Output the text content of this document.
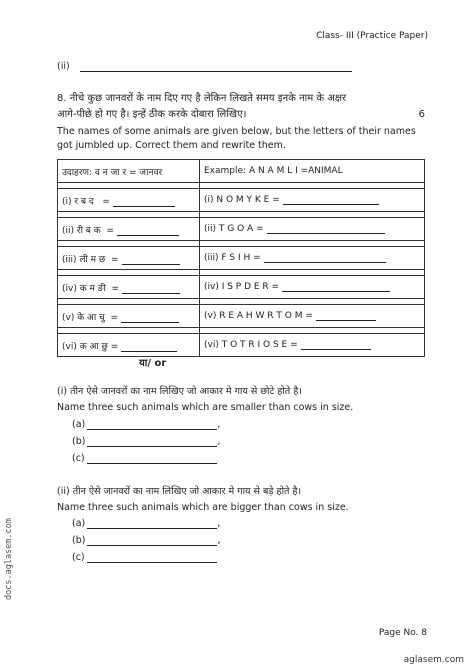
Class- III (Practice Paper)
(ii)
8. नीचे कुछ जानवरों के नाम दिए गए है लेकिन लिखते समय इनके नाम के अक्षर
आगे-पीछे हो गए है। इन्हें ठीक करके दोबारा लिखिए।	6
The names of some animals are given below, but the letters of their names
got jumbled up. Correct them and rewrite them.
उदाहरण: व न जा र = जानवर	Example: A N A M L I =ANIMAL

(i) र ब द =	(i) N O M Y K E =

(ii) री ब क =	(ii) T G O A =

(iii) ली म छ =	(iii) F S I H =

(iv) क म ङी =	(iv) I S P D E R =

(v) के आ चु =	(v) R E A H W R T O M =

(vi) क आ छु =	(vi) T O T R I O S E =
या/ or
(i) तीन ऐसे जानवरों का नाम लिखिए जो आकार मे गाय से छोटे होते है।
Name three such animals which are smaller than cows in size.
(a)	,
(b)	,
(c)
(ii) तीन ऐसे जानवरों का नाम लिखिए जो आकार मे गाय से बड़े होते है।
Name three such animals which are bigger than cows in size.
(a)	,
(b)	,
(c)
Page No. 8
aglasem.com
docs.aglasem.com
